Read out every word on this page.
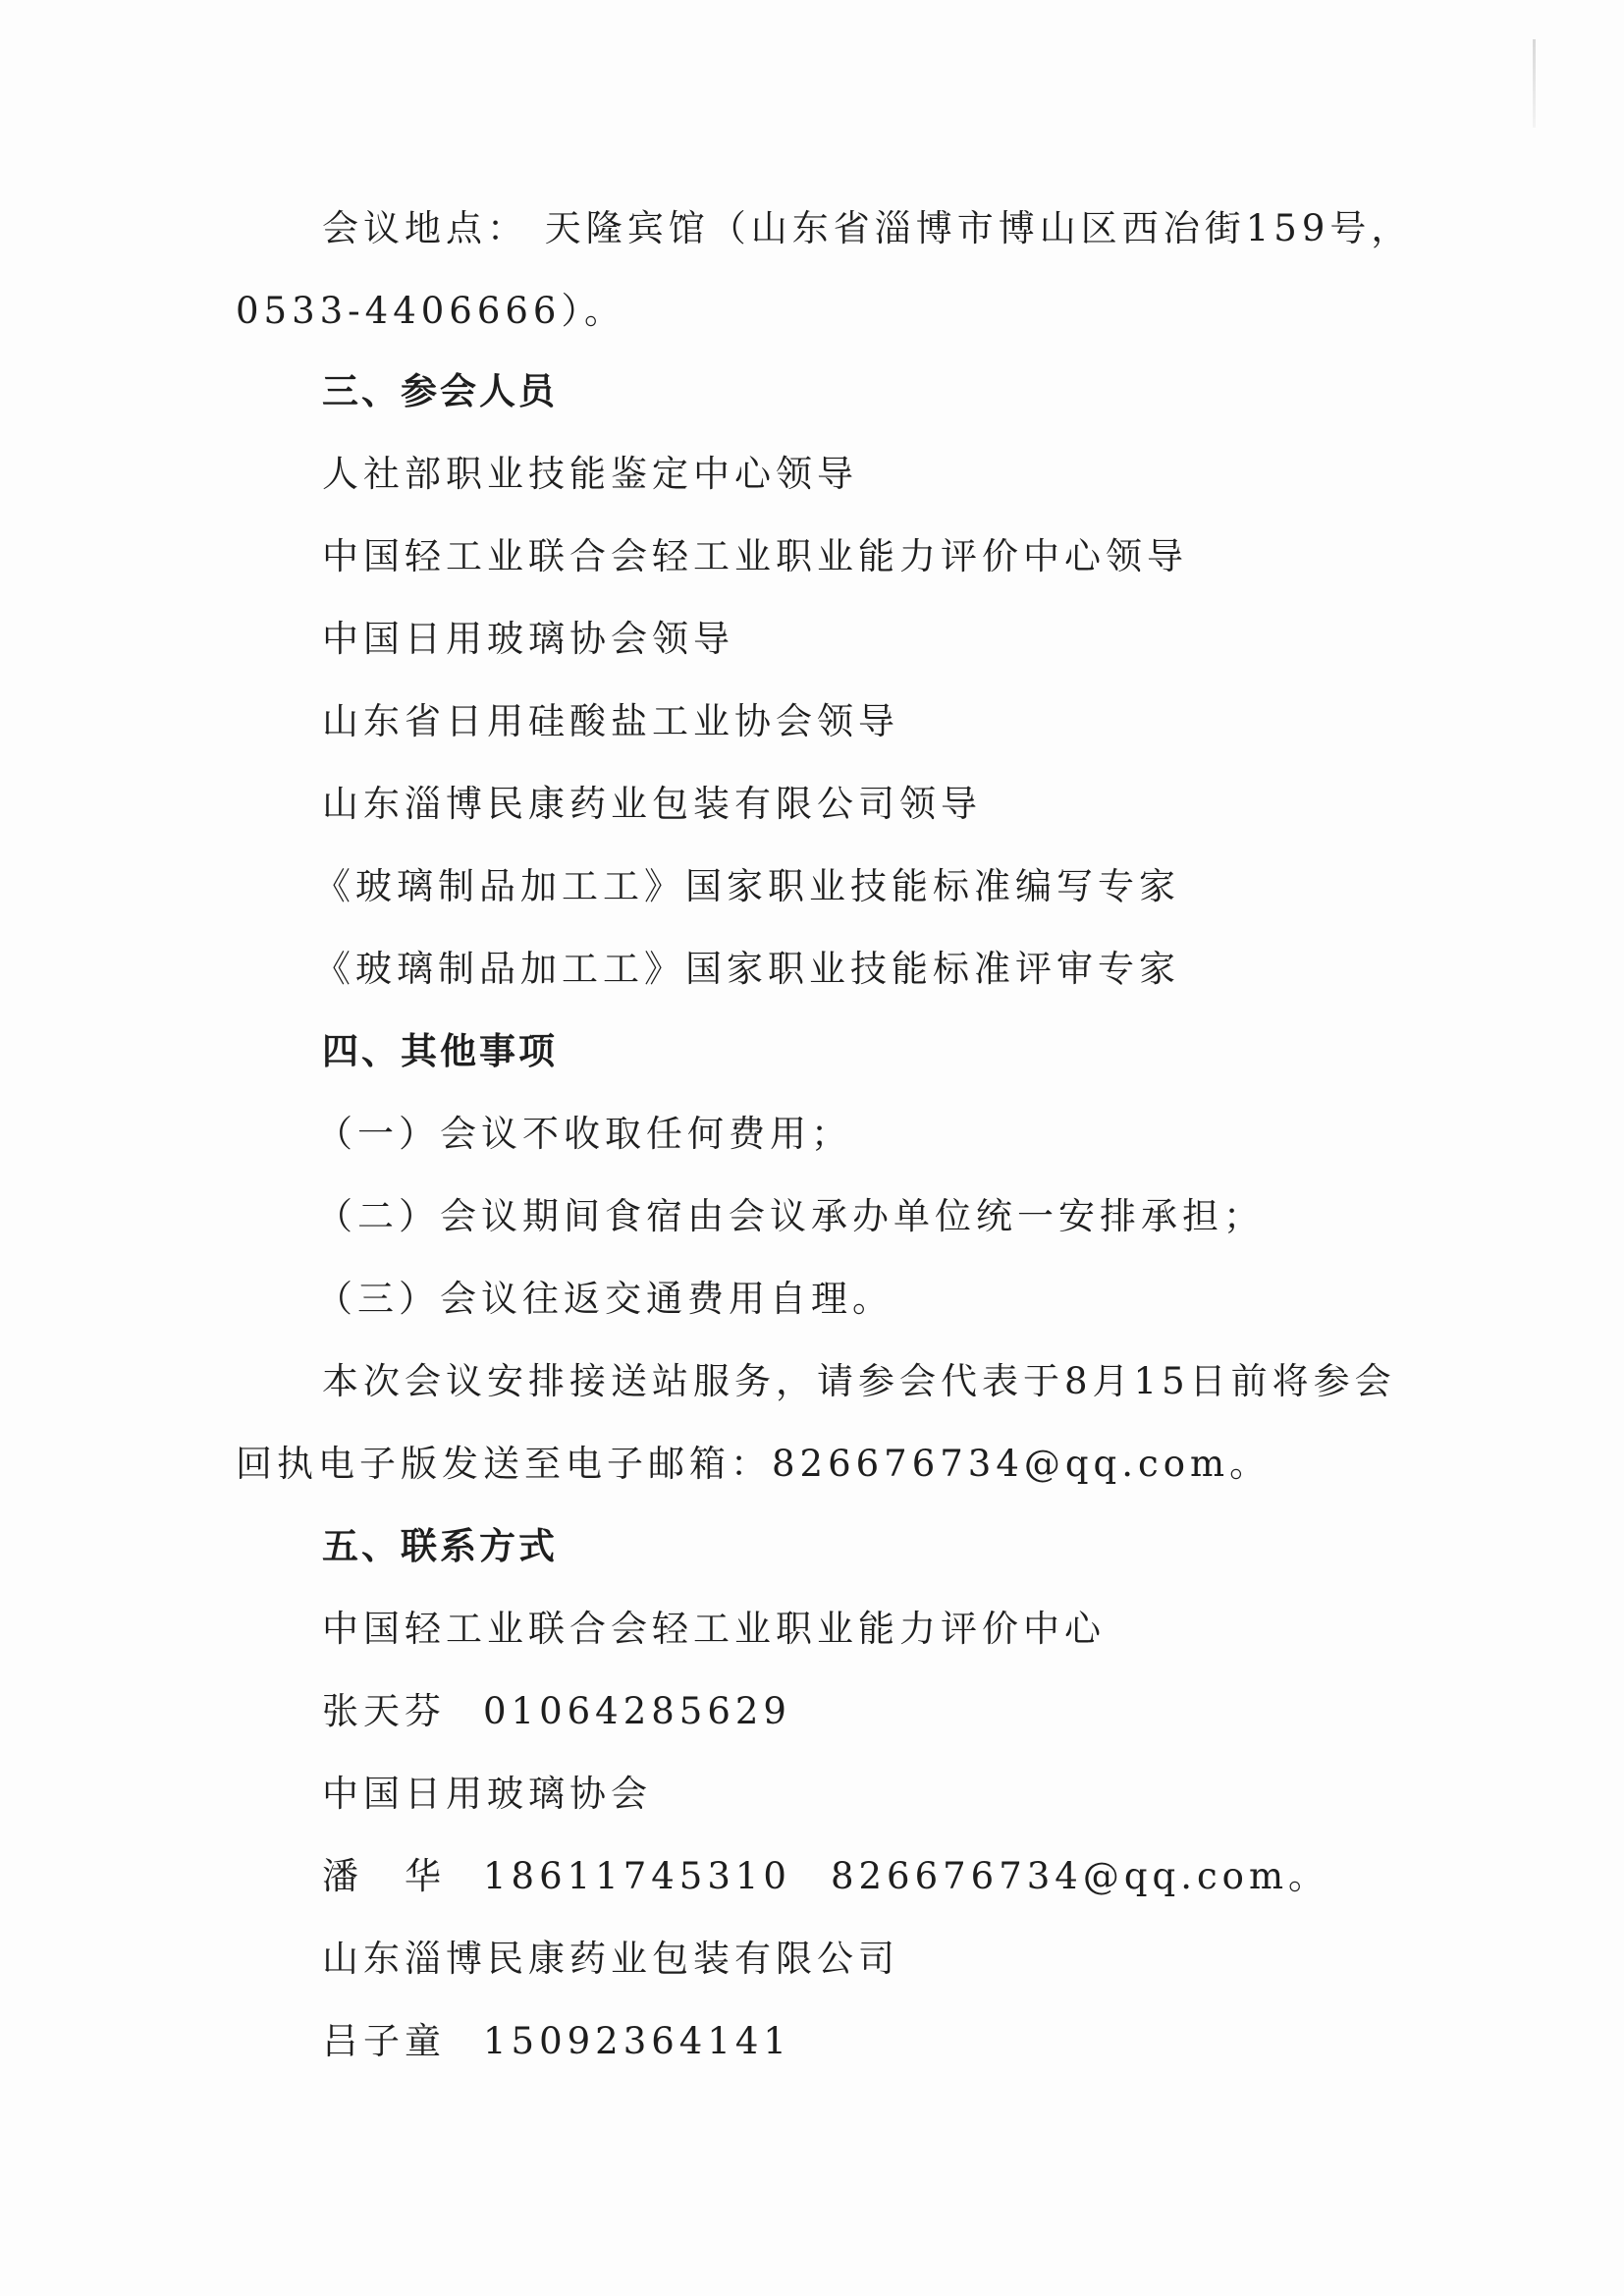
会议地点： 天隆宾馆（山东省淄博市博山区西冶街159号，
0533-4406666）。
三、参会人员
人社部职业技能鉴定中心领导
中国轻工业联合会轻工业职业能力评价中心领导
中国日用玻璃协会领导
山东省日用硅酸盐工业协会领导
山东淄博民康药业包装有限公司领导
《玻璃制品加工工》国家职业技能标准编写专家
《玻璃制品加工工》国家职业技能标准评审专家
四、其他事项
（一）会议不收取任何费用；
（二）会议期间食宿由会议承办单位统一安排承担；
（三）会议往返交通费用自理。
本次会议安排接送站服务，请参会代表于8月15日前将参会
回执电子版发送至电子邮箱：826676734@qq.com。
五、联系方式
中国轻工业联合会轻工业职业能力评价中心
张天芬 01064285629
中国日用玻璃协会
潘　华 18611745310 826676734@qq.com。
山东淄博民康药业包装有限公司
吕子童 15092364141
